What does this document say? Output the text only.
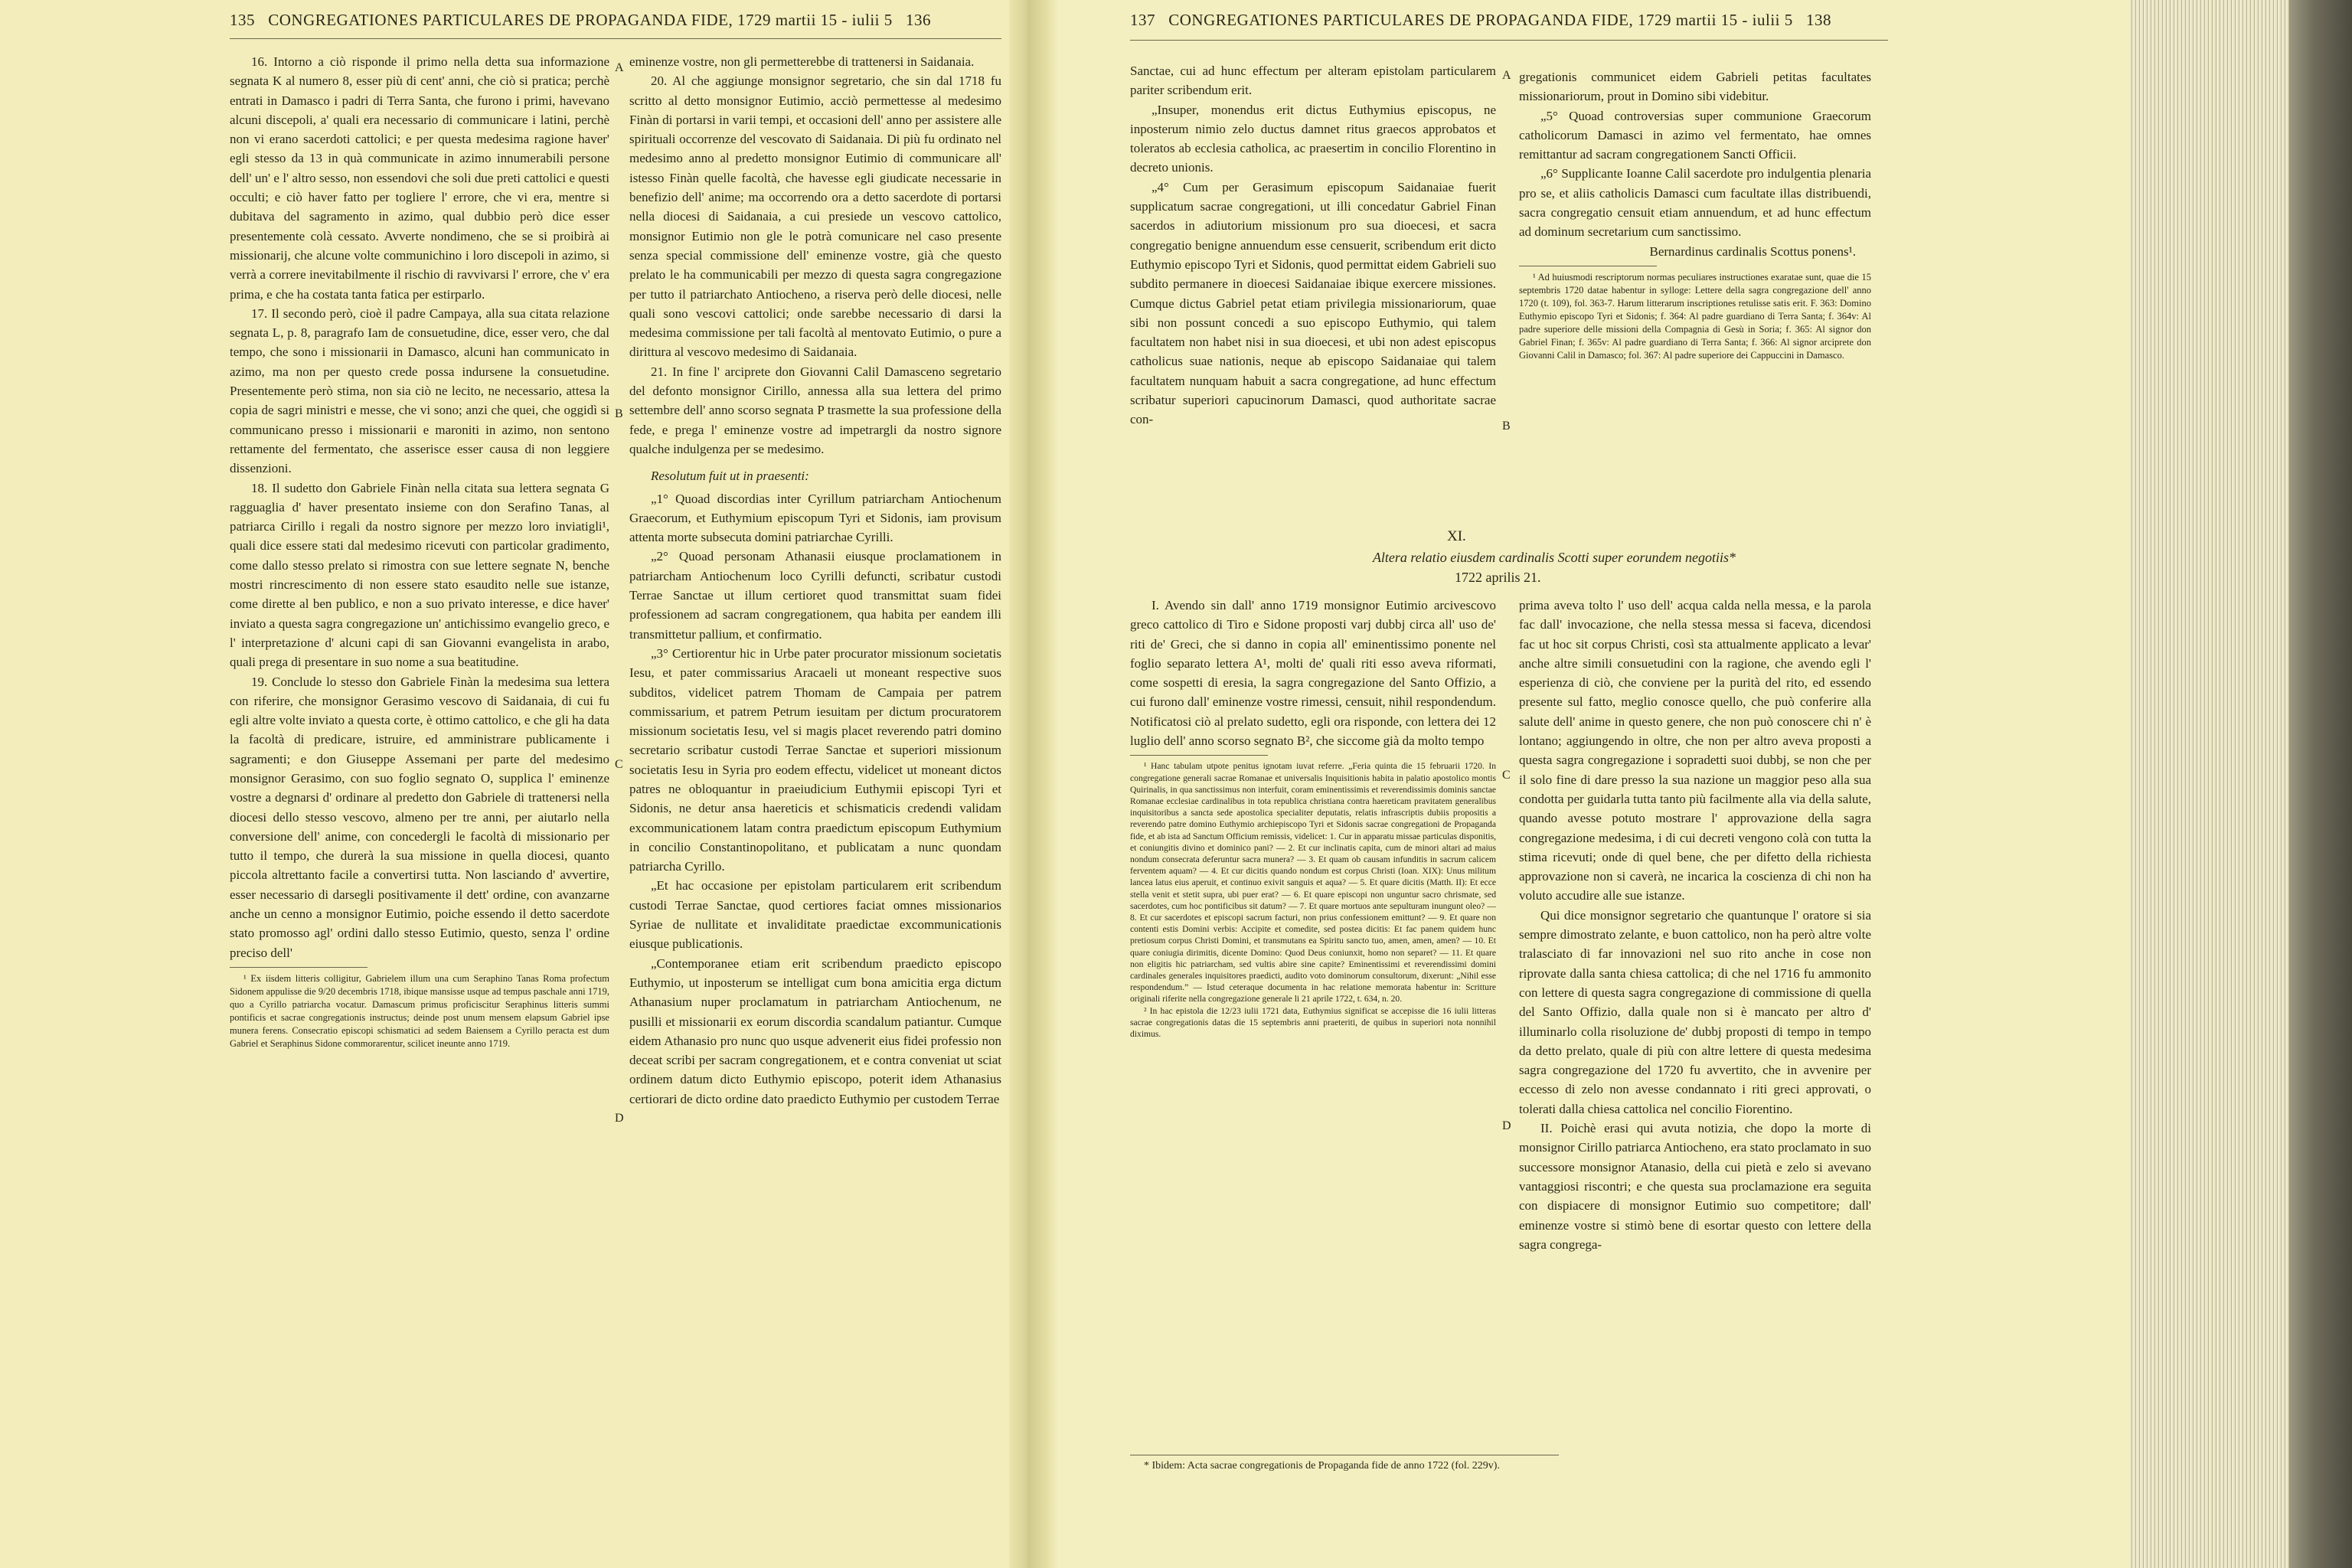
135 CONGREGATIONES PARTICULARES DE PROPAGANDA FIDE, 1729 martii 15 - iulii 5 136

16. Intorno a ciò risponde il primo nella detta sua informazione segnata K al numero 8, esser più di cent' anni, che ciò si pratica; perchè entrati in Damasco i padri di Terra Santa, che furono i primi, havevano alcuni discepoli, a' quali era necessario di communicare i latini, perchè non vi erano sacerdoti cattolici; e per questa medesima ragione haver' egli stesso da 13 in quà communicate in azimo innumerabili persone dell' un' e l' altro sesso, non essendovi che soli due preti cattolici e questi occulti; e ciò haver fatto per togliere l' errore, che vi era, mentre si dubitava del sagramento in azimo, qual dubbio però dice esser presentemente colà cessato. Avverte nondimeno, che se si proibirà ai missionarij, che alcune volte communichino i loro discepoli in azimo, si verrà a correre inevitabilmente il rischio di ravvivarsi l' errore, che v' era prima, e che ha costata tanta fatica per estirparlo.

17. Il secondo però, cioè il padre Campaya, alla sua citata relazione segnata L, p. 8, paragrafo Iam de consuetudine, dice, esser vero, che dal tempo, che sono i missionarii in Damasco, alcuni han communicato in azimo, ma non per questo crede possa indursene la consuetudine. Presentemente però stima, non sia ciò ne lecito, ne necessario, attesa la copia de sagri ministri e messe, che vi sono; anzi che quei, che oggidì si communicano presso i missionarii e maroniti in azimo, non sentono rettamente del fermentato, che asserisce esser causa di non leggiere dissenzioni.

18. Il sudetto don Gabriele Finàn nella citata sua lettera segnata G ragguaglia d' haver presentato insieme con don Serafino Tanas, al patriarca Cirillo i regali da nostro signore per mezzo loro inviatigli¹, quali dice essere stati dal medesimo ricevuti con particolar gradimento, come dallo stesso prelato si rimostra con sue lettere segnate N, benche mostri rincrescimento di non essere stato esaudito nelle sue istanze, come dirette al ben publico, e non a suo privato interesse, e dice haver' inviato a questa sagra congregazione un' antichissimo evangelio greco, e l' interpretazione d' alcuni capi di san Giovanni evangelista in arabo, quali prega di presentare in suo nome a sua beatitudine.

19. Conclude lo stesso don Gabriele Finàn la medesima sua lettera con riferire, che monsignor Gerasimo vescovo di Saidanaia, di cui fu egli altre volte inviato a questa corte, è ottimo cattolico, e che gli ha data la facoltà di predicare, istruire, ed amministrare publicamente i sagramenti; e don Giuseppe Assemani per parte del medesimo monsignor Gerasimo, con suo foglio segnato O, supplica l' eminenze vostre a degnarsi d' ordinare al predetto don Gabriele di trattenersi nella diocesi dello stesso vescovo, almeno per tre anni, per aiutarlo nella conversione dell' anime, con concedergli le facoltà di missionario per tutto il tempo, che durerà la sua missione in quella diocesi, quanto piccola altrettanto facile a convertirsi tutta. Non lasciando d' avvertire, esser necessario di darsegli positivamente il dett' ordine, con avanzarne anche un cenno a monsignor Eutimio, poiche essendo il detto sacerdote stato promosso agl' ordini dallo stesso Eutimio, questo, senza l' ordine preciso dell'

¹ Ex iisdem litteris colligitur, Gabrielem illum una cum Seraphino Tanas Roma profectum Sidonem appulisse die 9/20 decembris 1718, ibique mansisse usque ad tempus paschale anni 1719, quo a Cyrillo patriarcha vocatur. Damascum primus proficiscitur Seraphinus litteris summi pontificis et sacrae congregationis instructus; deinde post unum mensem elapsum Gabriel ipse munera ferens. Consecratio episcopi schismatici ad sedem Baiensem a Cyrillo peracta est dum Gabriel et Seraphinus Sidone commorarentur, scilicet ineunte anno 1719.

A
B
C
D

eminenze vostre, non gli permetterebbe di trattenersi in Saidanaia.

20. Al che aggiunge monsignor segretario, che sin dal 1718 fu scritto al detto monsignor Eutimio, acciò permettesse al medesimo Finàn di portarsi in varii tempi, et occasioni dell' anno per assistere alle spirituali occorrenze del vescovato di Saidanaia. Di più fu ordinato nel medesimo anno al predetto monsignor Eutimio di communicare all' istesso Finàn quelle facoltà, che havesse egli giudicate necessarie in benefizio dell' anime; ma occorrendo ora a detto sacerdote di portarsi nella diocesi di Saidanaia, a cui presiede un vescovo cattolico, monsignor Eutimio non gle le potrà comunicare nel caso presente senza special commissione dell' eminenze vostre, già che questo prelato le ha communicabili per mezzo di questa sagra congregazione per tutto il patriarchato Antiocheno, a riserva però delle diocesi, nelle quali sono vescovi cattolici; onde sarebbe necessario di darsi la medesima commissione per tali facoltà al mentovato Eutimio, o pure a dirittura al vescovo medesimo di Saidanaia.

21. In fine l' arciprete don Giovanni Calil Damasceno segretario del defonto monsignor Cirillo, annessa alla sua lettera del primo settembre dell' anno scorso segnata P trasmette la sua professione della fede, e prega l' eminenze vostre ad impetrargli da nostro signore qualche indulgenza per se medesimo.

Resolutum fuit ut in praesenti:

„1° Quoad discordias inter Cyrillum patriarcham Antiochenum Graecorum, et Euthymium episcopum Tyri et Sidonis, iam provisum attenta morte subsecuta domini patriarchae Cyrilli.

„2° Quoad personam Athanasii eiusque proclamationem in patriarcham Antiochenum loco Cyrilli defuncti, scribatur custodi Terrae Sanctae ut illum certioret quod transmittat suam fidei professionem ad sacram congregationem, qua habita per eandem illi transmittetur pallium, et confirmatio.

„3° Certiorentur hic in Urbe pater procurator missionum societatis Iesu, et pater commissarius Aracaeli ut moneant respective suos subditos, videlicet patrem Thomam de Campaia per patrem commissarium, et patrem Petrum iesuitam per dictum procuratorem missionum societatis Iesu, vel si magis placet reverendo patri domino secretario scribatur custodi Terrae Sanctae et superiori missionum societatis Iesu in Syria pro eodem effectu, videlicet ut moneant dictos patres ne obloquantur in praeiudicium Euthymii episcopi Tyri et Sidonis, ne detur ansa haereticis et schismaticis credendi validam excommunicationem latam contra praedictum episcopum Euthymium in concilio Constantinopolitano, et publicatam a nunc quondam patriarcha Cyrillo.

„Et hac occasione per epistolam particularem erit scribendum custodi Terrae Sanctae, quod certiores faciat omnes missionarios Syriae de nullitate et invaliditate praedictae excommunicationis eiusque publicationis.

„Contemporanee etiam erit scribendum praedicto episcopo Euthymio, ut inposterum se intelligat cum bona amicitia erga dictum Athanasium nuper proclamatum in patriarcham Antiochenum, ne pusilli et missionarii ex eorum discordia scandalum patiantur. Cumque eidem Athanasio pro nunc quo usque advenerit eius fidei professio non deceat scribi per sacram congregationem, et e contra conveniat ut sciat ordinem datum dicto Euthymio episcopo, poterit idem Athanasius certiorari de dicto ordine dato praedicto Euthymio per custodem Terrae

137 CONGREGATIONES PARTICULARES DE PROPAGANDA FIDE, 1729 martii 15 - iulii 5 138

Sanctae, cui ad hunc effectum per alteram epistolam particularem pariter scribendum erit.

„Insuper, monendus erit dictus Euthymius episcopus, ne inposterum nimio zelo ductus damnet ritus graecos approbatos et toleratos ab ecclesia catholica, ac praesertim in concilio Florentino in decreto unionis.

„4° Cum per Gerasimum episcopum Saidanaiae fuerit supplicatum sacrae congregationi, ut illi concedatur Gabriel Finan sacerdos in adiutorium missionum pro sua dioecesi, et sacra congregatio benigne annuendum esse censuerit, scribendum erit dicto Euthymio episcopo Tyri et Sidonis, quod permittat eidem Gabrieli suo subdito permanere in dioecesi Saidanaiae ibique exercere missiones. Cumque dictus Gabriel petat etiam privilegia missionariorum, quae sibi non possunt concedi a suo episcopo Euthymio, qui talem facultatem non habet nisi in sua dioecesi, et ubi non adest episcopus catholicus suae nationis, neque ab episcopo Saidanaiae qui talem facultatem nunquam habuit a sacra congregatione, ad hunc effectum scribatur superiori capucinorum Damasci, quod authoritate sacrae con-

A
B
C
D

gregationis communicet eidem Gabrieli petitas facultates missionariorum, prout in Domino sibi videbitur.

„5° Quoad controversias super communione Graecorum catholicorum Damasci in azimo vel fermentato, hae omnes remittantur ad sacram congregationem Sancti Officii.

„6° Supplicante Ioanne Calil sacerdote pro indulgentia plenaria pro se, et aliis catholicis Damasci cum facultate illas distribuendi, sacra congregatio censuit etiam annuendum, et ad hunc effectum ad dominum secretarium cum sanctissimo.

Bernardinus cardinalis Scottus ponens¹.

¹ Ad huiusmodi rescriptorum normas peculiares instructiones exaratae sunt, quae die 15 septembris 1720 datae habentur in sylloge: Lettere della sagra congregazione dell' anno 1720 (t. 109), fol. 363-7. Harum litterarum inscriptiones retulisse satis erit. F. 363: Domino Euthymio episcopo Tyri et Sidonis; f. 364: Al padre guardiano di Terra Santa; f. 364v: Al padre superiore delle missioni della Compagnia di Gesù in Soria; f. 365: Al signor don Gabriel Finan; f. 365v: Al padre guardiano di Terra Santa; f. 366: Al signor arciprete don Giovanni Calil in Damasco; fol. 367: Al padre superiore dei Cappuccini in Damasco.

XI.
Altera relatio eiusdem cardinalis Scotti super eorundem negotiis*
1722 aprilis 21.

I. Avendo sin dall' anno 1719 monsignor Eutimio arcivescovo greco cattolico di Tiro e Sidone proposti varj dubbj circa all' uso de' riti de' Greci, che si danno in copia all' eminentissimo ponente nel foglio separato lettera A¹, molti de' quali riti esso aveva riformati, come sospetti di eresia, la sagra congregazione del Santo Offizio, a cui furono dall' eminenze vostre rimessi, censuit, nihil respondendum. Notificatosi ciò al prelato sudetto, egli ora risponde, con lettera dei 12 luglio dell' anno scorso segnato B², che siccome già da molto tempo

¹ Hanc tabulam utpote penitus ignotam iuvat referre. „Feria quinta die 15 februarii 1720. In congregatione generali sacrae Romanae et universalis Inquisitionis habita in palatio apostolico montis Quirinalis, in qua sanctissimus non interfuit, coram eminentissimis et reverendissimis dominis sanctae Romanae ecclesiae cardinalibus in tota republica christiana contra haereticam pravitatem generalibus inquisitoribus a sancta sede apostolica specialiter deputatis, relatis infrascriptis dubiis propositis a reverendo patre domino Euthymio archiepiscopo Tyri et Sidonis sacrae congregationi de Propaganda fide, et ab ista ad Sanctum Officium remissis, videlicet: 1. Cur in apparatu missae particulas disponitis, et coniungitis divino et dominico pani? — 2. Et cur inclinatis capita, cum de minori altari ad maius nondum consecrata deferuntur sacra munera? — 3. Et quam ob causam infunditis in sacrum calicem ferventem aquam? — 4. Et cur dicitis quando nondum est corpus Christi (Ioan. XIX): Unus militum lancea latus eius aperuit, et continuo exivit sanguis et aqua? — 5. Et quare dicitis (Matth. II): Et ecce stella venit et stetit supra, ubi puer erat? — 6. Et quare episcopi non unguntur sacro chrismate, sed sacerdotes, cum hoc pontificibus sit datum? — 7. Et quare mortuos ante sepulturam inungunt oleo? — 8. Et cur sacerdotes et episcopi sacrum facturi, non prius confessionem emittunt? — 9. Et quare non contenti estis Domini verbis: Accipite et comedite, sed postea dicitis: Et fac panem quidem hunc pretiosum corpus Christi Domini, et transmutans ea Spiritu sancto tuo, amen, amen, amen? — 10. Et quare coniugia dirimitis, dicente Domino: Quod Deus coniunxit, homo non separet? — 11. Et quare non eligitis hic patriarcham, sed vultis abire sine capite? Eminentissimi et reverendissimi domini cardinales generales inquisitores praedicti, audito voto dominorum consultorum, dixerunt: „Nihil esse respondendum.” — Istud ceteraque documenta in hac relatione memorata habentur in: Scritture originali riferite nella congregazione generale li 21 aprile 1722, t. 634, n. 20.

² In hac epistola die 12/23 iulii 1721 data, Euthymius significat se accepisse die 16 iulii litteras sacrae congregationis datas die 15 septembris anni praeteriti, de quibus in superiori nota nonnihil diximus.

prima aveva tolto l' uso dell' acqua calda nella messa, e la parola fac dall' invocazione, che nella stessa messa si faceva, dicendosi fac ut hoc sit corpus Christi, così sta attualmente applicato a levar' anche altre simili consuetudini con la ragione, che avendo egli l' esperienza di ciò, che conviene per la purità del rito, ed essendo presente sul fatto, meglio conosce quello, che può conferire alla salute dell' anime in questo genere, che non può conoscere chi n' è lontano; aggiungendo in oltre, che non per altro aveva proposti a questa sagra congregazione i sopradetti suoi dubbj, se non che per il solo fine di dare presso la sua nazione un maggior peso alla sua condotta per guidarla tutta tanto più facilmente alla via della salute, quando avesse potuto mostrare l' approvazione della sagra congregazione medesima, i di cui decreti vengono colà con tutta la stima ricevuti; onde di quel bene, che per difetto della richiesta approvazione non si caverà, ne incarica la coscienza di chi non ha voluto accudire alle sue istanze.

Qui dice monsignor segretario che quantunque l' oratore si sia sempre dimostrato zelante, e buon cattolico, non ha però altre volte tralasciato di far innovazioni nel suo rito anche in cose non riprovate dalla santa chiesa cattolica; di che nel 1716 fu ammonito con lettere di questa sagra congregazione di commissione di quella del Santo Offizio, dalla quale non si è mancato per altro d' illuminarlo colla risoluzione de' dubbj proposti di tempo in tempo da detto prelato, quale di più con altre lettere di questa medesima sagra congregazione del 1720 fu avvertito, che in avvenire per eccesso di zelo non avesse condannato i riti greci approvati, o tolerati dalla chiesa cattolica nel concilio Fiorentino.

II. Poichè erasi qui avuta notizia, che dopo la morte di monsignor Cirillo patriarca Antiocheno, era stato proclamato in suo successore monsignor Atanasio, della cui pietà e zelo si avevano vantaggiosi riscontri; e che questa sua proclamazione era seguita con dispiacere di monsignor Eutimio suo competitore; dall' eminenze vostre si stimò bene di esortar questo con lettere della sagra congrega-

* Ibidem: Acta sacrae congregationis de Propaganda fide de anno 1722 (fol. 229v).
